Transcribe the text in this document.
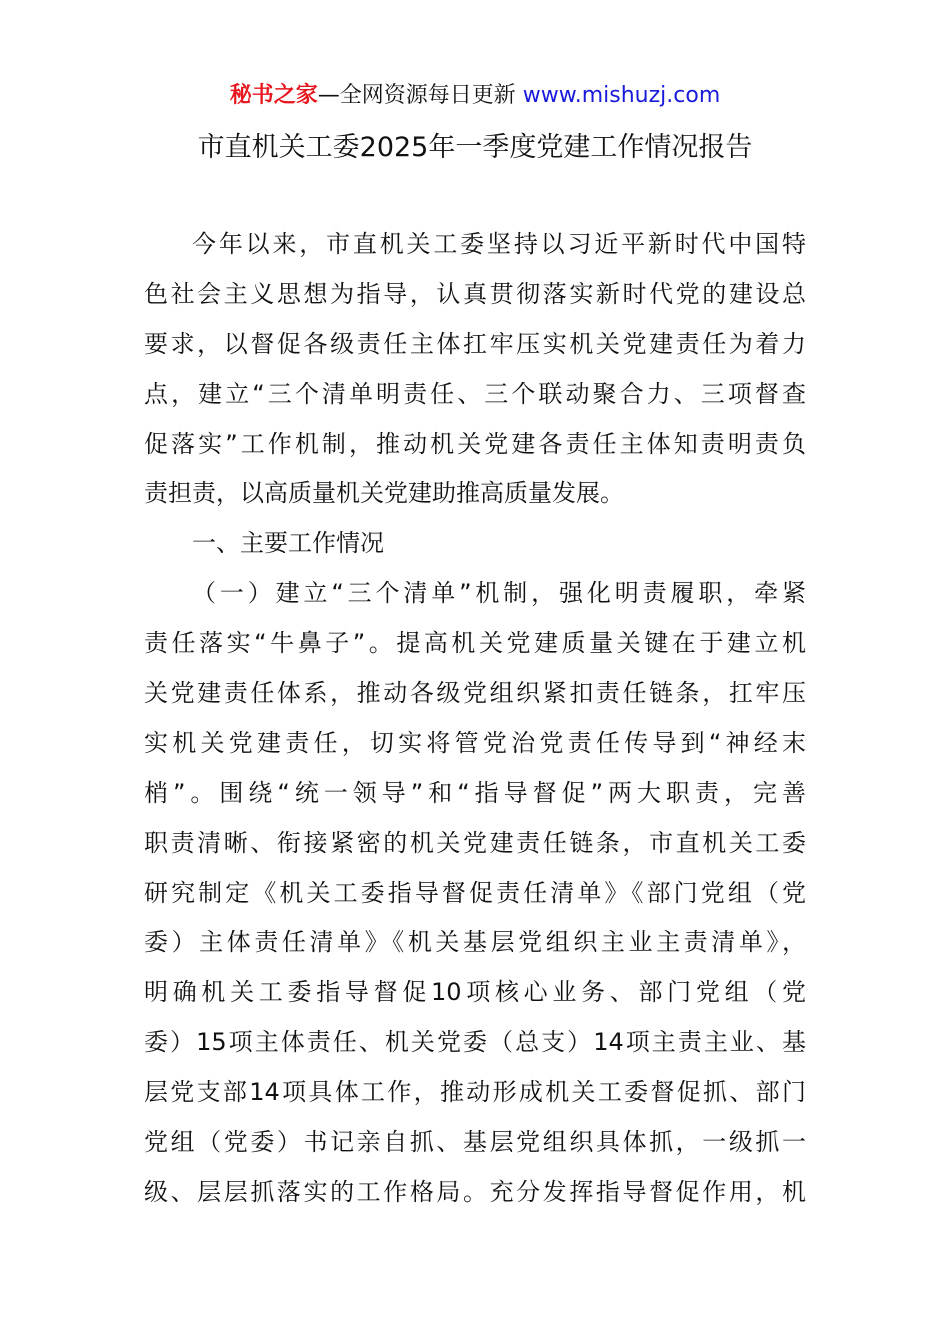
秘书之家—全网资源每日更新 www.mishuzj.com
市直机关工委2025年一季度党建工作情况报告
今年以来，市直机关工委坚持以习近平新时代中国特
色社会主义思想为指导，认真贯彻落实新时代党的建设总
要求，以督促各级责任主体扛牢压实机关党建责任为着力
点，建立“三个清单明责任、三个联动聚合力、三项督查
促落实”工作机制，推动机关党建各责任主体知责明责负
责担责，以高质量机关党建助推高质量发展。
一、主要工作情况
（一）建立“三个清单”机制，强化明责履职，牵紧
责任落实“牛鼻子”。提高机关党建质量关键在于建立机
关党建责任体系，推动各级党组织紧扣责任链条，扛牢压
实机关党建责任，切实将管党治党责任传导到“神经末
梢”。围绕“统一领导”和“指导督促”两大职责，完善
职责清晰、衔接紧密的机关党建责任链条，市直机关工委
研究制定《机关工委指导督促责任清单》《部门党组（党
委）主体责任清单》《机关基层党组织主业主责清单》，
明确机关工委指导督促10项核心业务、部门党组（党
委）15项主体责任、机关党委（总支）14项主责主业、基
层党支部14项具体工作，推动形成机关工委督促抓、部门
党组（党委）书记亲自抓、基层党组织具体抓，一级抓一
级、层层抓落实的工作格局。充分发挥指导督促作用，机
